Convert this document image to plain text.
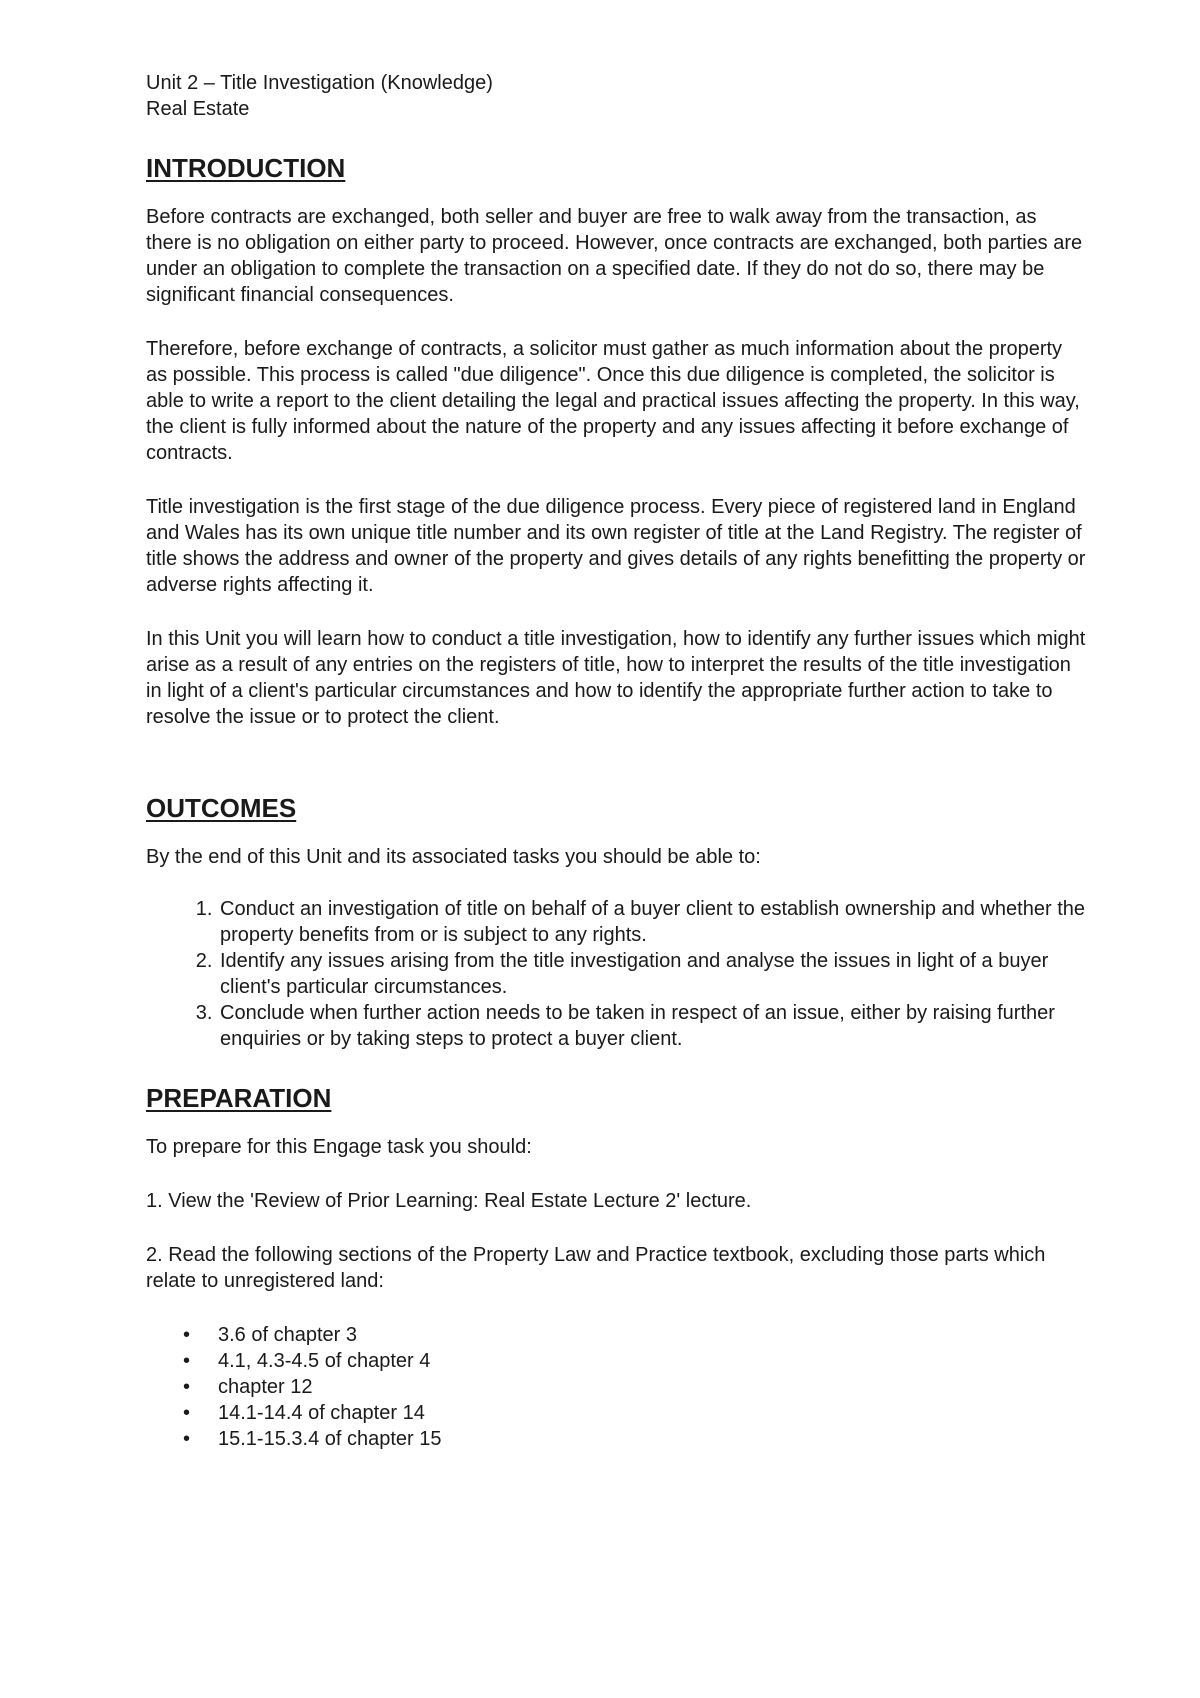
Unit 2 – Title Investigation (Knowledge)

Real Estate

INTRODUCTION

Before contracts are exchanged, both seller and buyer are free to walk away from the transaction, as there is no obligation on either party to proceed. However, once contracts are exchanged, both parties are under an obligation to complete the transaction on a specified date. If they do not do so, there may be significant financial consequences.

Therefore, before exchange of contracts, a solicitor must gather as much information about the property as possible. This process is called "due diligence". Once this due diligence is completed, the solicitor is able to write a report to the client detailing the legal and practical issues affecting the property. In this way, the client is fully informed about the nature of the property and any issues affecting it before exchange of contracts.

Title investigation is the first stage of the due diligence process. Every piece of registered land in England and Wales has its own unique title number and its own register of title at the Land Registry. The register of title shows the address and owner of the property and gives details of any rights benefitting the property or adverse rights affecting it.

In this Unit you will learn how to conduct a title investigation, how to identify any further issues which might arise as a result of any entries on the registers of title, how to interpret the results of the title investigation in light of a client's particular circumstances and how to identify the appropriate further action to take to resolve the issue or to protect the client.

OUTCOMES

By the end of this Unit and its associated tasks you should be able to:

1. Conduct an investigation of title on behalf of a buyer client to establish ownership and whether the property benefits from or is subject to any rights.
2. Identify any issues arising from the title investigation and analyse the issues in light of a buyer client's particular circumstances.
3. Conclude when further action needs to be taken in respect of an issue, either by raising further enquiries or by taking steps to protect a buyer client.
PREPARATION

To prepare for this Engage task you should:

1. View the 'Review of Prior Learning: Real Estate Lecture 2' lecture.

2. Read the following sections of the Property Law and Practice textbook, excluding those parts which relate to unregistered land:

• 3.6 of chapter 3
• 4.1, 4.3-4.5 of chapter 4
• chapter 12
• 14.1-14.4 of chapter 14
• 15.1-15.3.4 of chapter 15
